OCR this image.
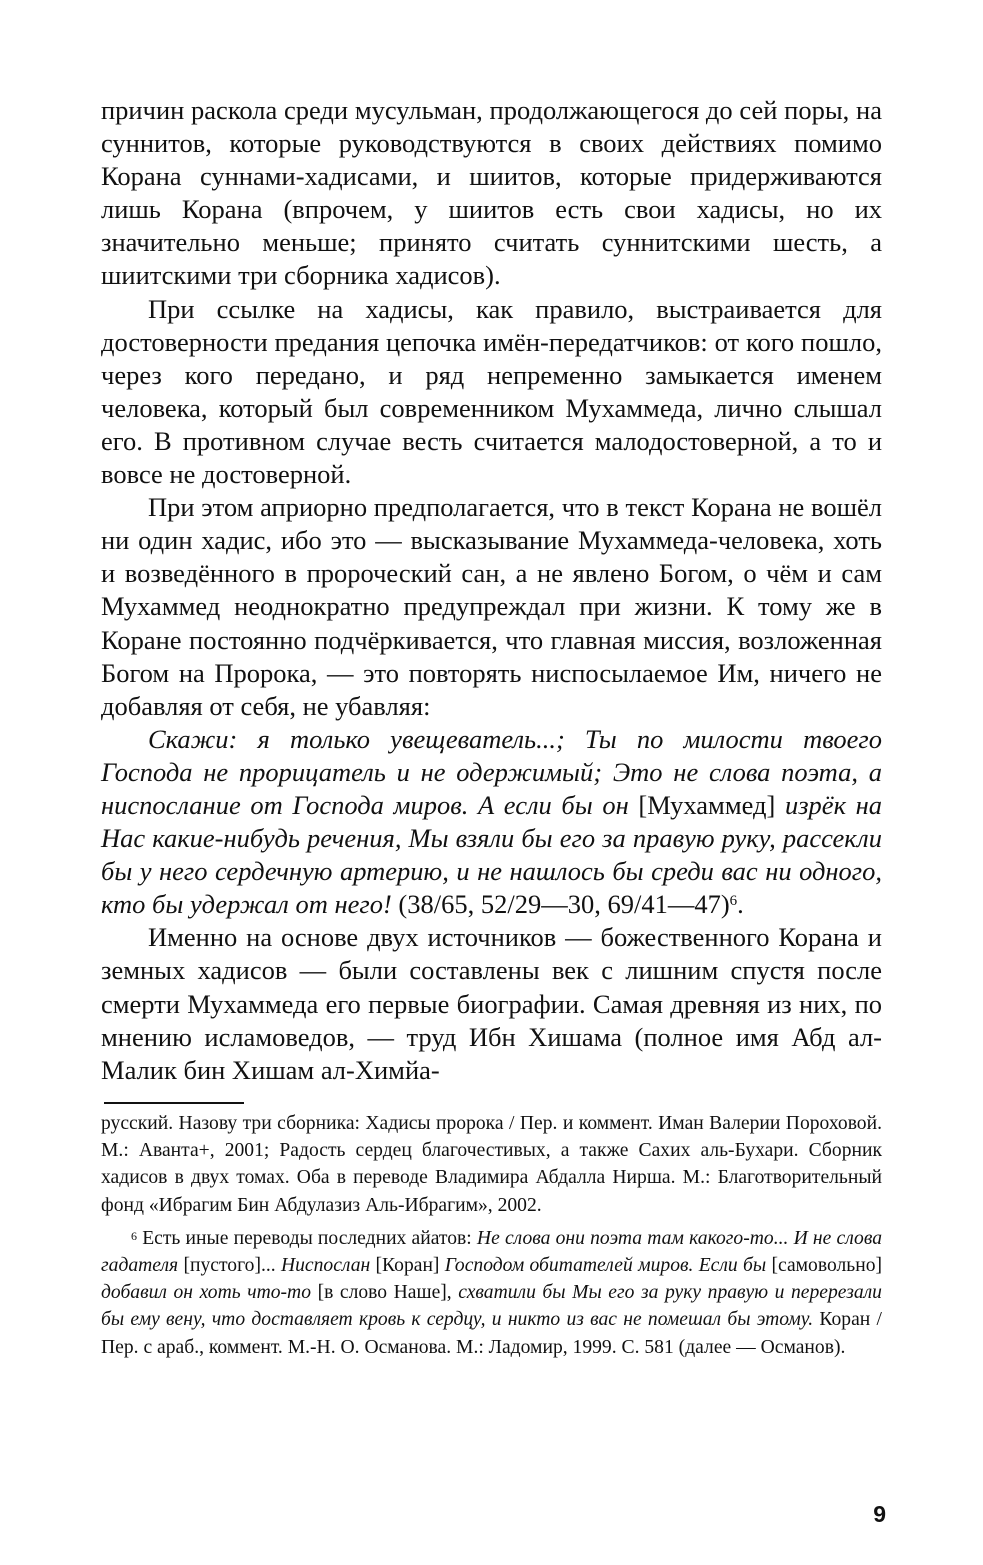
причин раскола среди мусульман, продолжающегося до сей поры, на суннитов, которые руководствуются в своих действиях помимо Корана суннами-хадисами, и шиитов, которые придерживаются лишь Корана (впрочем, у шиитов есть свои хадисы, но их значительно меньше; принято считать суннитскими шесть, а шиитскими три сборника хадисов).

При ссылке на хадисы, как правило, выстраивается для достоверности предания цепочка имён-передатчиков: от кого пошло, через кого передано, и ряд непременно замыкается именем человека, который был современником Мухаммеда, лично слышал его. В противном случае весть считается малодостоверной, а то и вовсе не достоверной.

При этом априорно предполагается, что в текст Корана не вошёл ни один хадис, ибо это — высказывание Мухаммеда-человека, хоть и возведённого в пророческий сан, а не явлено Богом, о чём и сам Мухаммед неоднократно предупреждал при жизни. К тому же в Коране постоянно подчёркивается, что главная миссия, возложенная Богом на Пророка, — это повторять ниспосылаемое Им, ничего не добавляя от себя, не убавляя:

Скажи: я только увещеватель...; Ты по милости твоего Господа не прорицатель и не одержимый; Это не слова поэта, а ниспослание от Господа миров. А если бы он [Мухаммед] изрёк на Нас какие-нибудь речения, Мы взяли бы его за правую руку, рассекли бы у него сердечную артерию, и не нашлось бы среди вас ни одного, кто бы удержал от него! (38/65, 52/29—30, 69/41—47)$^6$.

Именно на основе двух источников — божественного Корана и земных хадисов — были составлены век с лишним спустя после смерти Мухаммеда его первые биографии. Самая древняя из них, по мнению исламоведов, — труд Ибн Хишама (полное имя Абд ал-Малик бин Хишам ал-Химйа-

русский. Назову три сборника: Хадисы пророка / Пер. и коммент. Иман Валерии Пороховой. М.: Аванта+, 2001; Радость сердец благочестивых, а также Сахих аль-Бухари. Сборник хадисов в двух томах. Оба в переводе Владимира Абдалла Нирша. М.: Благотворительный фонд «Ибрагим Бин Абдулазиз Аль-Ибрагим», 2002.

$^6$ Есть иные переводы последних айатов: Не слова они поэта там какого-то... И не слова гадателя [пустого]... Ниспослан [Коран] Господом обитателей миров. Если бы [самовольно] добавил он хоть что-то [в слово Наше], схватили бы Мы его за руку правую и перерезали бы ему вену, что доставляет кровь к сердцу, и никто из вас не помешал бы этому. Коран / Пер. с араб., коммент. М.-Н. О. Османова. М.: Ладомир, 1999. С. 581 (далее — Османов).

9
